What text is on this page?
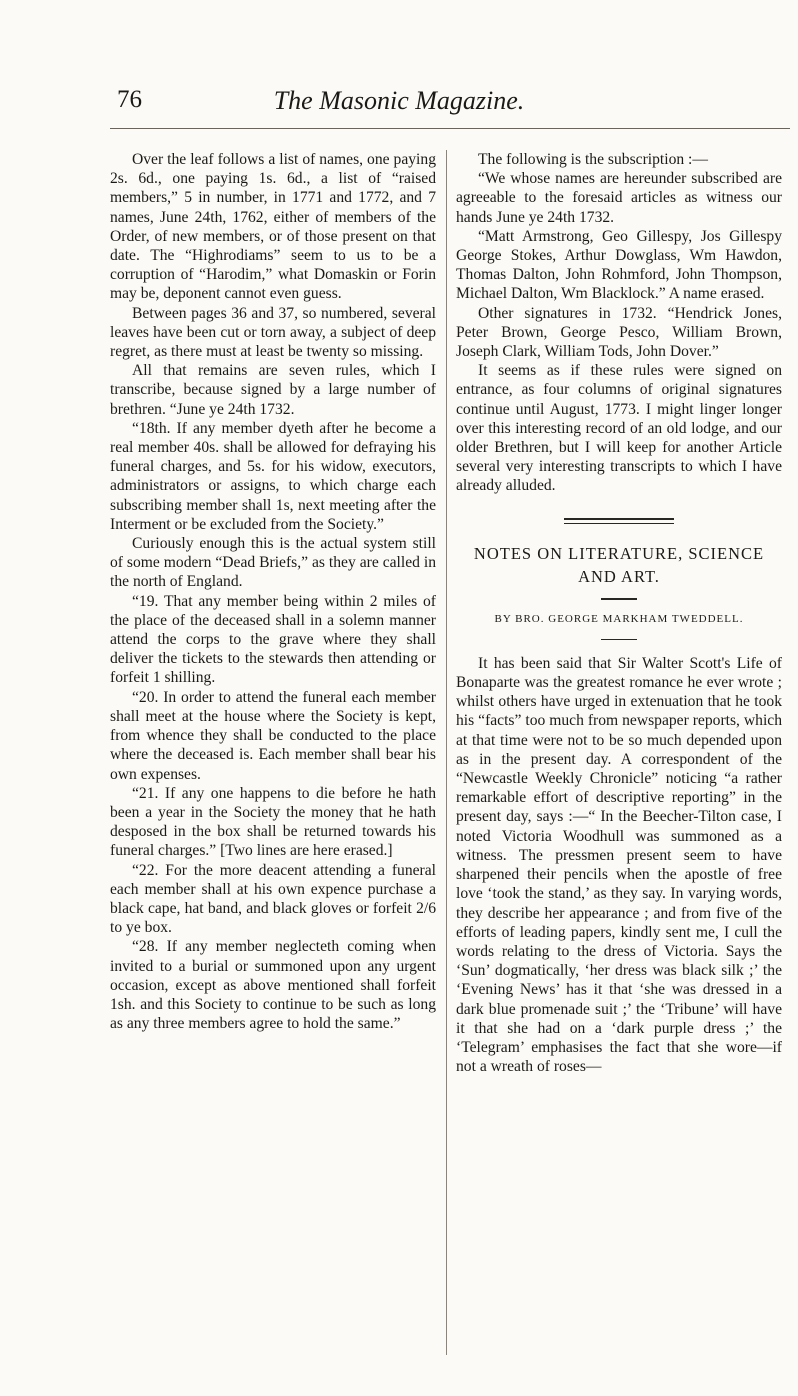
76	The Masonic Magazine.

Over the leaf follows a list of names, one paying 2s. 6d., one paying 1s. 6d., a list of “raised members,” 5 in number, in 1771 and 1772, and 7 names, June 24th, 1762, either of members of the Order, of new members, or of those present on that date. The “Highrodiams” seem to us to be a corruption of “Harodim,” what Domaskin or Forin may be, deponent cannot even guess.

Between pages 36 and 37, so numbered, several leaves have been cut or torn away, a subject of deep regret, as there must at least be twenty so missing.

All that remains are seven rules, which I transcribe, because signed by a large number of brethren. “June ye 24th 1732.

“18th. If any member dyeth after he become a real member 40s. shall be allowed for defraying his funeral charges, and 5s. for his widow, executors, administrators or assigns, to which charge each subscribing member shall 1s, next meeting after the Interment or be excluded from the Society.”

Curiously enough this is the actual system still of some modern “Dead Briefs,” as they are called in the north of England.

“19. That any member being within 2 miles of the place of the deceased shall in a solemn manner attend the corps to the grave where they shall deliver the tickets to the stewards then attending or forfeit 1 shilling.

“20. In order to attend the funeral each member shall meet at the house where the Society is kept, from whence they shall be conducted to the place where the deceased is. Each member shall bear his own expenses.

“21. If any one happens to die before he hath been a year in the Society the money that he hath desposed in the box shall be returned towards his funeral charges.” [Two lines are here erased.]

“22. For the more deacent attending a funeral each member shall at his own expence purchase a black cape, hat band, and black gloves or forfeit 2/6 to ye box.

“28. If any member neglecteth coming when invited to a burial or summoned upon any urgent occasion, except as above mentioned shall forfeit 1sh. and this Society to continue to be such as long as any three members agree to hold the same.”

The following is the subscription :—

“We whose names are hereunder subscribed are agreeable to the foresaid articles as witness our hands June ye 24th 1732.

“Matt Armstrong, Geo Gillespy, Jos Gillespy George Stokes, Arthur Dowglass, Wm Hawdon, Thomas Dalton, John Rohmford, John Thompson, Michael Dalton, Wm Blacklock.” A name erased.

Other signatures in 1732. “Hendrick Jones, Peter Brown, George Pesco, William Brown, Joseph Clark, William Tods, John Dover.”

It seems as if these rules were signed on entrance, as four columns of original signatures continue until August, 1773. I might linger longer over this interesting record of an old lodge, and our older Brethren, but I will keep for another Article several very interesting transcripts to which I have already alluded.

NOTES ON LITERATURE, SCIENCE AND ART.
BY BRO. GEORGE MARKHAM TWEDDELL.

It has been said that Sir Walter Scott's Life of Bonaparte was the greatest romance he ever wrote ; whilst others have urged in extenuation that he took his “facts” too much from newspaper reports, which at that time were not to be so much depended upon as in the present day. A correspondent of the “Newcastle Weekly Chronicle” noticing “a rather remarkable effort of descriptive reporting” in the present day, says :—“ In the Beecher-Tilton case, I noted Victoria Woodhull was summoned as a witness. The pressmen present seem to have sharpened their pencils when the apostle of free love ‘took the stand,’ as they say. In varying words, they describe her appearance ; and from five of the efforts of leading papers, kindly sent me, I cull the words relating to the dress of Victoria. Says the ‘Sun’ dogmatically, ‘her dress was black silk ;’ the ‘Evening News’ has it that ‘she was dressed in a dark blue promenade suit ;’ the ‘Tribune’ will have it that she had on a ‘dark purple dress ;’ the ‘Telegram’ emphasises the fact that she wore—if not a wreath of roses—
